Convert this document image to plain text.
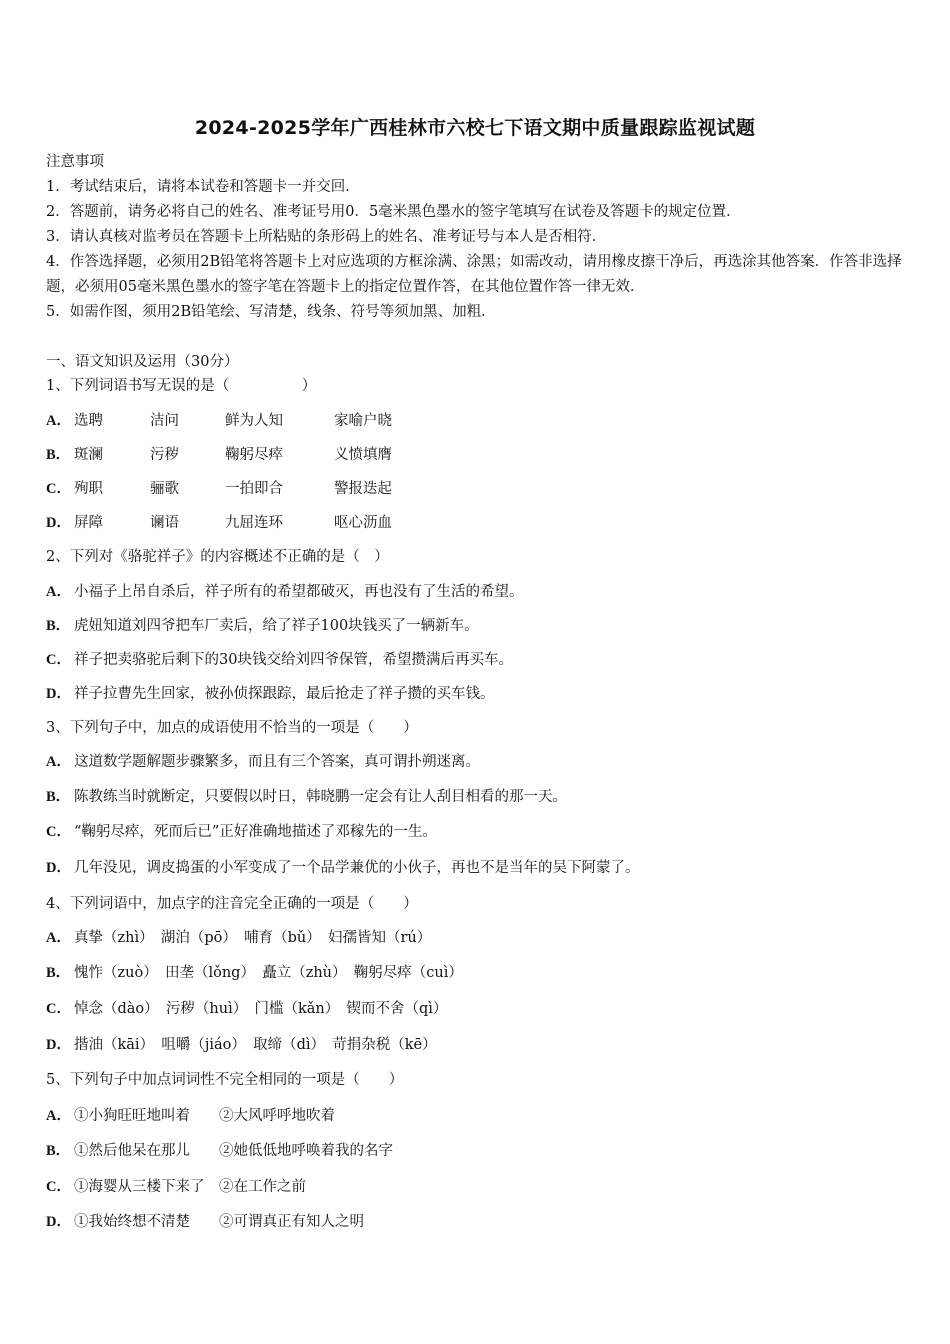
2024-2025学年广西桂林市六校七下语文期中质量跟踪监视试题
注意事项
1．考试结束后，请将本试卷和答题卡一并交回．
2．答题前，请务必将自己的姓名、准考证号用0．5毫米黑色墨水的签字笔填写在试卷及答题卡的规定位置．
3．请认真核对监考员在答题卡上所粘贴的条形码上的姓名、准考证号与本人是否相符．
4．作答选择题，必须用2B铅笔将答题卡上对应选项的方框涂满、涂黑；如需改动，请用橡皮擦干净后，再选涂其他答案．作答非选择题，必须用05毫米黑色墨水的签字笔在答题卡上的指定位置作答，在其他位置作答一律无效．
5．如需作图，须用2B铅笔绘、写清楚，线条、符号等须加黑、加粗．
一、语文知识及运用（30分）
1、下列词语书写无误的是（　　　　　）
A． 选聘	洁问	鲜为人知	家喻户晓
B． 斑澜	污秽	鞠躬尽瘁	义愤填膺
C． 殉职	骊歌	一拍即合	警报迭起
D． 屏障	谰语	九屈连环	呕心沥血
2、下列对《骆驼祥子》的内容概述不正确的是（　）
A． 小福子上吊自杀后，祥子所有的希望都破灭，再也没有了生活的希望。
B． 虎妞知道刘四爷把车厂卖后，给了祥子100块钱买了一辆新车。
C． 祥子把卖骆驼后剩下的30块钱交给刘四爷保管，希望攒满后再买车。
D． 祥子拉曹先生回家，被孙侦探跟踪，最后抢走了祥子攒的买车钱。
3、下列句子中，加点的成语使用不恰当的一项是（　　）
A． 这道数学题解题步骤繁多，而且有三个答案，真可谓扑朔迷离。
B． 陈教练当时就断定，只要假以时日，韩晓鹏一定会有让人刮目相看的那一天。
C． “鞠躬尽瘁，死而后已”正好准确地描述了邓稼先的一生。
D． 几年没见，调皮捣蛋的小军变成了一个品学兼优的小伙子，再也不是当年的吴下阿蒙了。
4、下列词语中，加点字的注音完全正确的一项是（　　）
A． 真挚（zhì）　湖泊（pō）　哺育（bǔ）　妇孺皆知（rú）
B． 愧怍（zuò）　田垄（lǒng）　矗立（zhù）　鞠躬尽瘁（cuì）
C． 悼念（dào）　污秽（huì）　门槛（kǎn）　锲而不舍（qì）
D． 揩油（kāi）　咀嚼（jiáo）　取缔（dì）　苛捐杂税（kē）
5、下列句子中加点词词性不完全相同的一项是（　　）
A． ①小狗旺旺地叫着　　②大风呼呼地吹着
B． ①然后他呆在那儿　　②她低低地呼唤着我的名字
C． ①海婴从三楼下来了　②在工作之前
D． ①我始终想不清楚　　②可谓真正有知人之明
